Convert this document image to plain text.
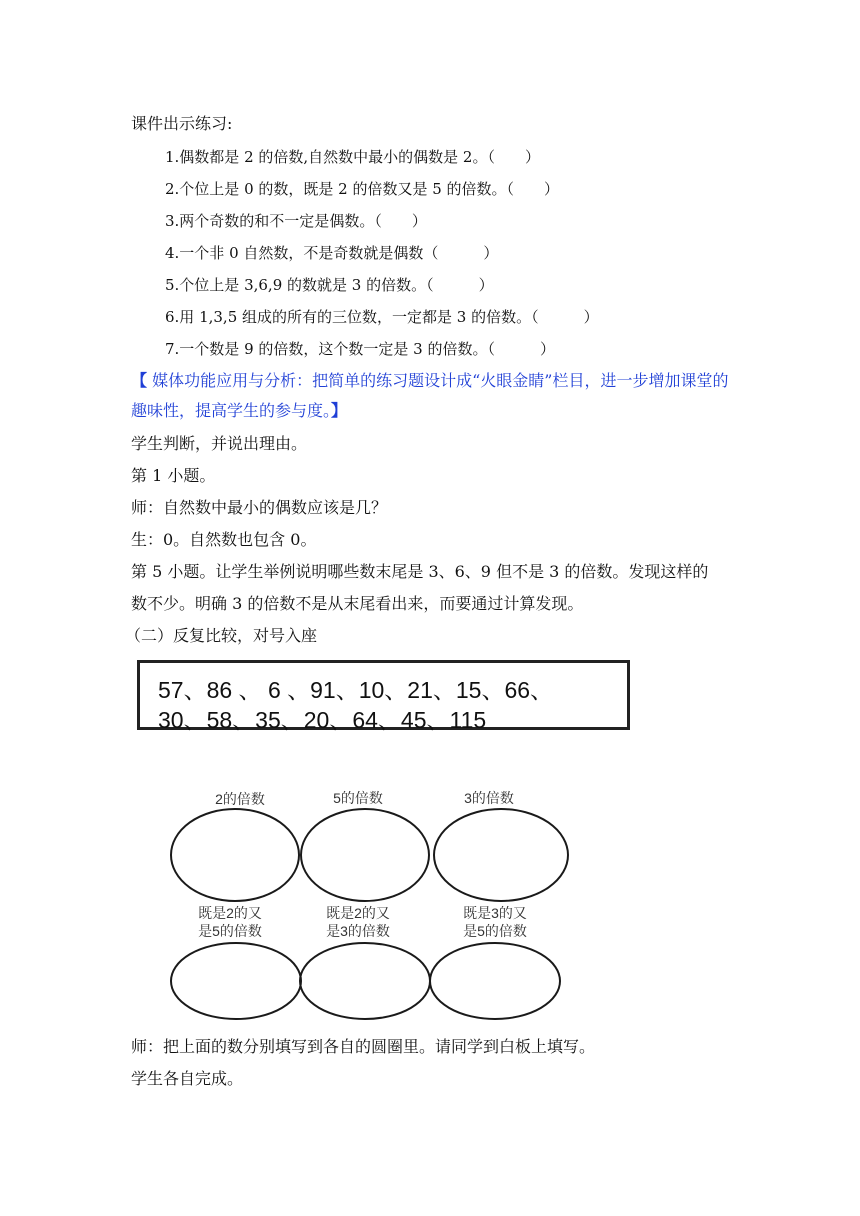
课件出示练习:
1.偶数都是 2 的倍数,自然数中最小的偶数是 2。（　　）
2.个位上是 0 的数，既是 2 的倍数又是 5 的倍数。（　　）
3.两个奇数的和不一定是偶数。（　　）
4.一个非 0 自然数，不是奇数就是偶数（　　　）
5.个位上是 3,6,9 的数就是 3 的倍数。（　　　）
6.用 1,3,5 组成的所有的三位数，一定都是 3 的倍数。（　　　）
7.一个数是 9 的倍数，这个数一定是 3 的倍数。（　　　）
【 媒体功能应用与分析：把简单的练习题设计成“火眼金睛”栏目，进一步增加课堂的趣味性，提高学生的参与度。】
学生判断，并说出理由。
第 1 小题。
师：自然数中最小的偶数应该是几？
生：0。自然数也包含 0。
第 5 小题。让学生举例说明哪些数末尾是 3、6、9 但不是 3 的倍数。发现这样的
数不少。明确 3 的倍数不是从末尾看出来，而要通过计算发现。
（二）反复比较，对号入座
57、86 、 6 、91、10、21、15、66、
30、58、35、20、64、45、115
2的倍数	5的倍数	3的倍数
既是2的又
是5的倍数
既是2的又
是3的倍数
既是3的又
是5的倍数
师：把上面的数分别填写到各自的圆圈里。请同学到白板上填写。
学生各自完成。
